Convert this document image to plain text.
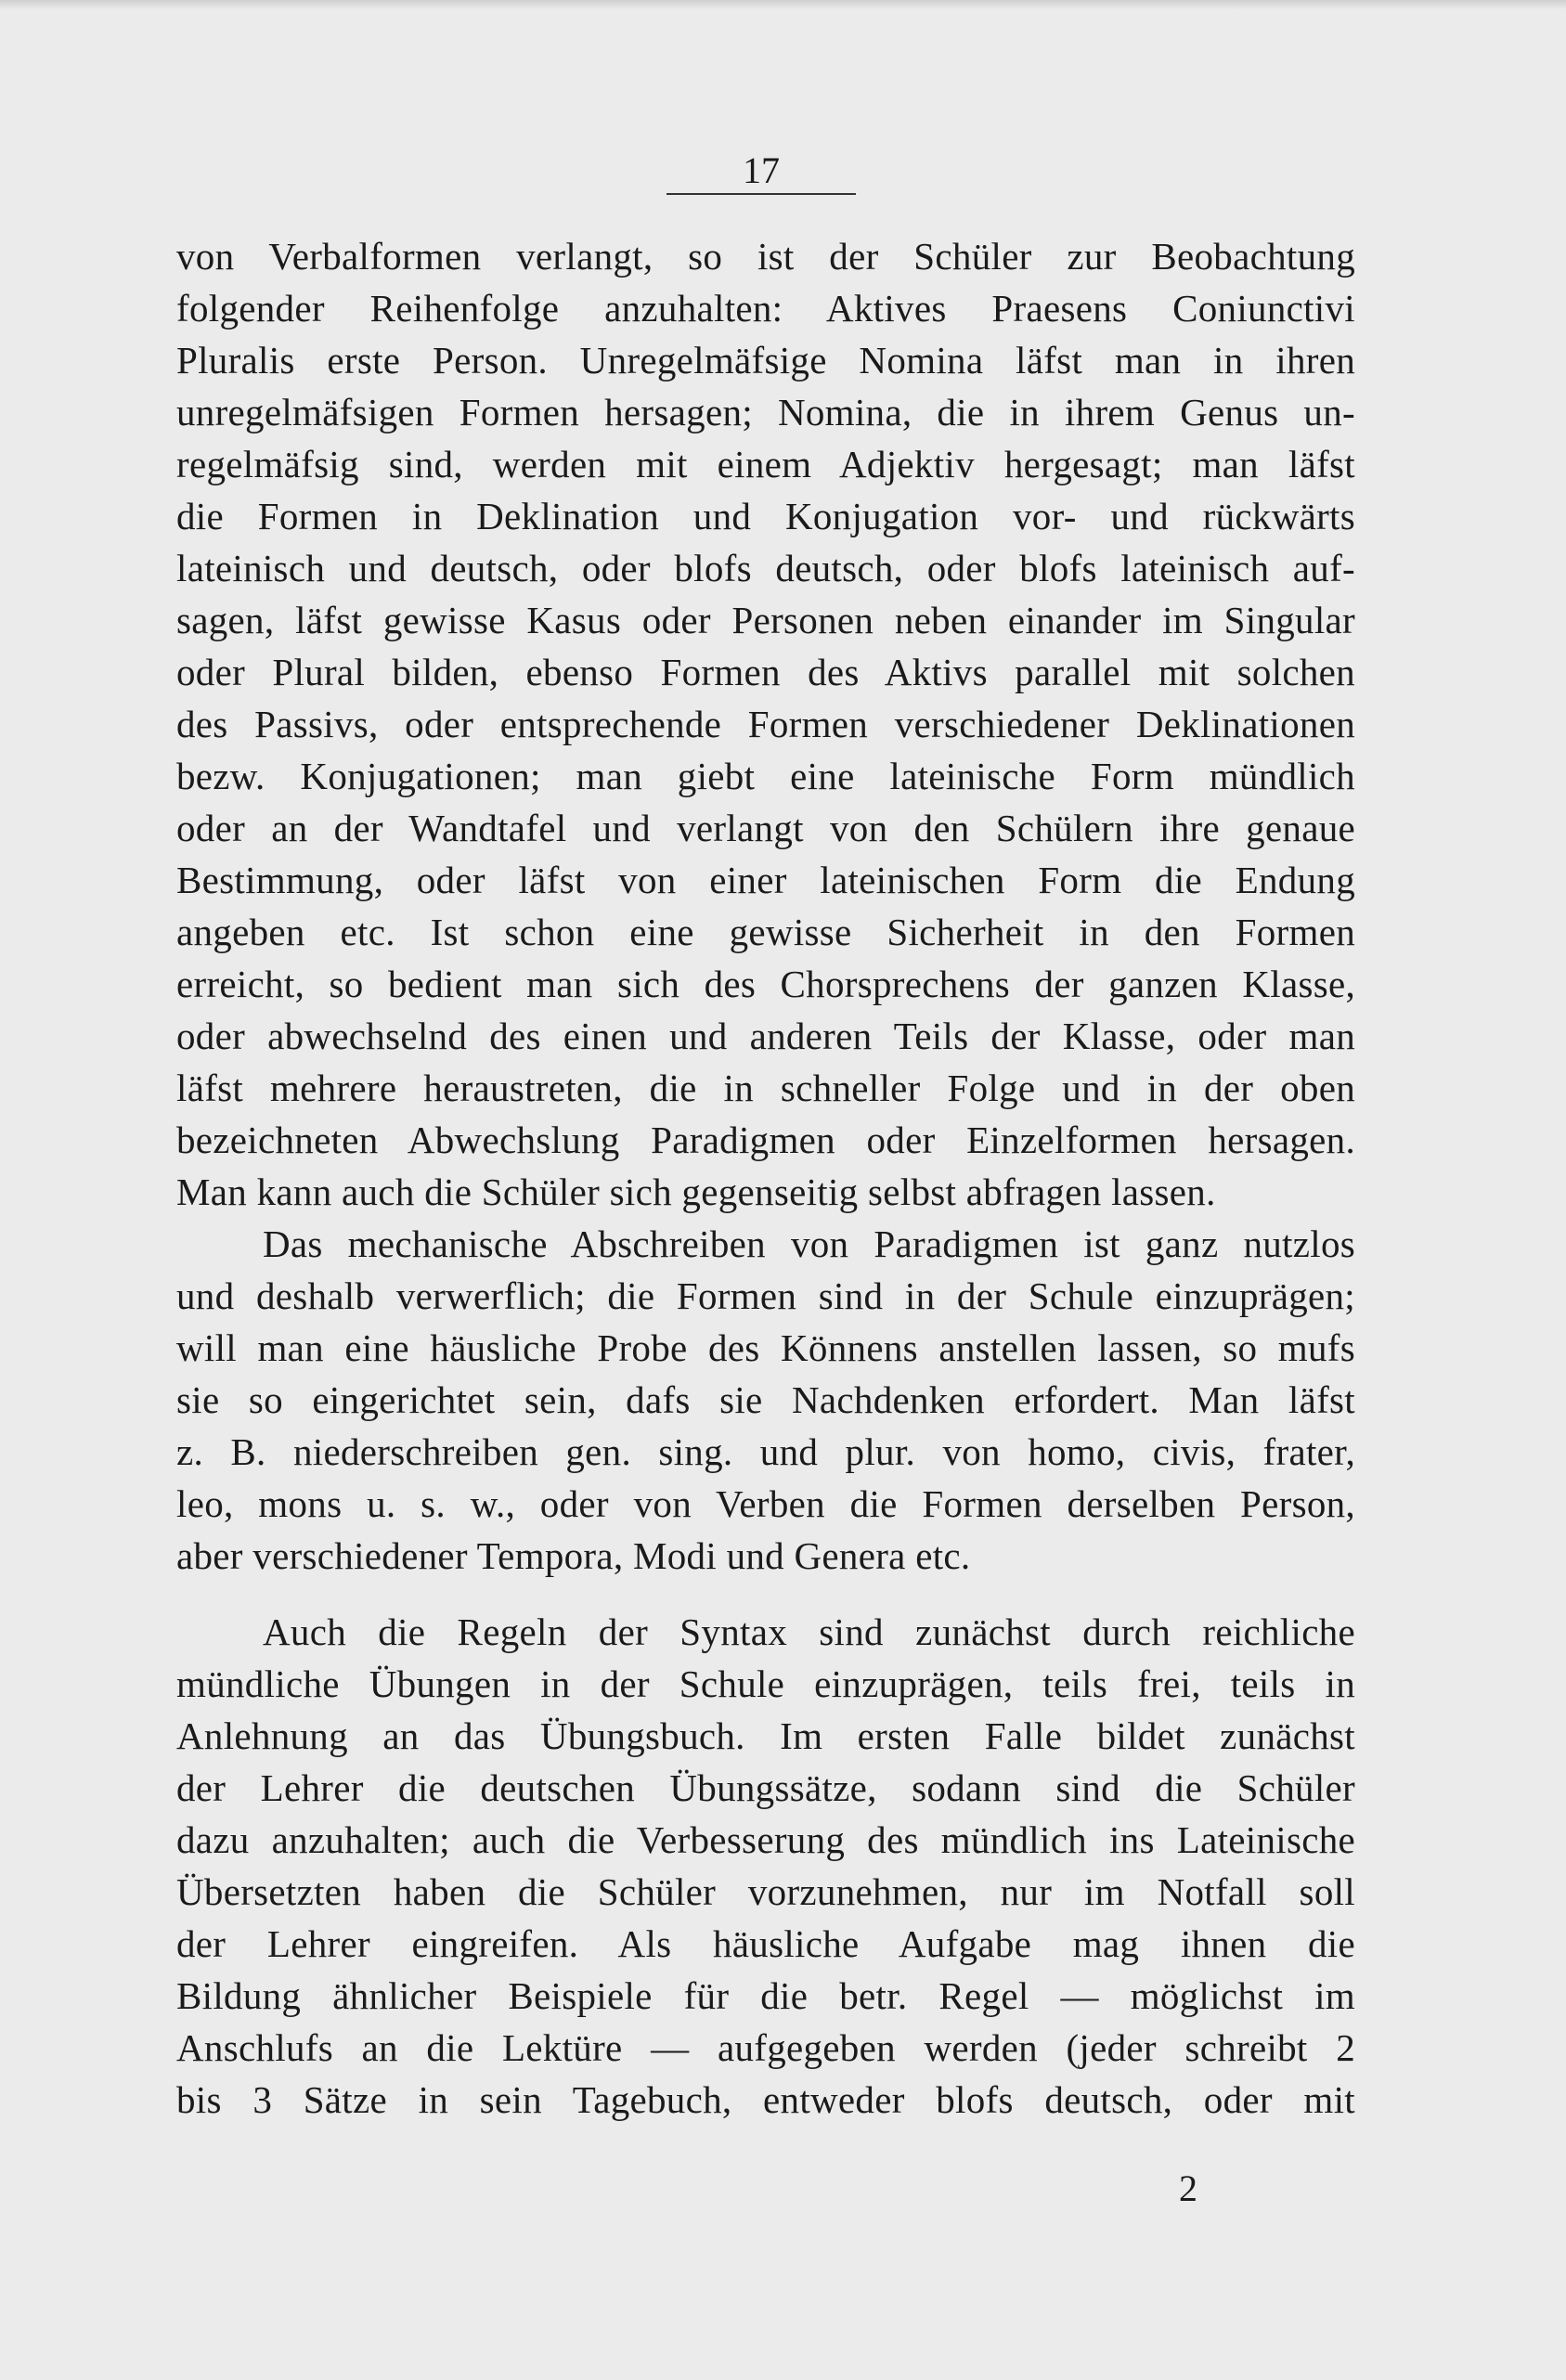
17
von Verbalformen verlangt, so ist der Schüler zur Beobachtung
folgender Reihenfolge anzuhalten: Aktives Praesens Coniunctivi
Pluralis erste Person. Unregelmäfsige Nomina läfst man in ihren
unregelmäfsigen Formen hersagen; Nomina, die in ihrem Genus un-
regelmäfsig sind, werden mit einem Adjektiv hergesagt; man läfst
die Formen in Deklination und Konjugation vor- und rückwärts
lateinisch und deutsch, oder blofs deutsch, oder blofs lateinisch auf-
sagen, läfst gewisse Kasus oder Personen neben einander im Singular
oder Plural bilden, ebenso Formen des Aktivs parallel mit solchen
des Passivs, oder entsprechende Formen verschiedener Deklinationen
bezw. Konjugationen; man giebt eine lateinische Form mündlich
oder an der Wandtafel und verlangt von den Schülern ihre genaue
Bestimmung, oder läfst von einer lateinischen Form die Endung
angeben etc. Ist schon eine gewisse Sicherheit in den Formen
erreicht, so bedient man sich des Chorsprechens der ganzen Klasse,
oder abwechselnd des einen und anderen Teils der Klasse, oder man
läfst mehrere heraustreten, die in schneller Folge und in der oben
bezeichneten Abwechslung Paradigmen oder Einzelformen hersagen.
Man kann auch die Schüler sich gegenseitig selbst abfragen lassen.
Das mechanische Abschreiben von Paradigmen ist ganz nutzlos
und deshalb verwerflich; die Formen sind in der Schule einzuprägen;
will man eine häusliche Probe des Könnens anstellen lassen, so mufs
sie so eingerichtet sein, dafs sie Nachdenken erfordert. Man läfst
z. B. niederschreiben gen. sing. und plur. von homo, civis, frater,
leo, mons u. s. w., oder von Verben die Formen derselben Person,
aber verschiedener Tempora, Modi und Genera etc.
Auch die Regeln der Syntax sind zunächst durch reichliche
mündliche Übungen in der Schule einzuprägen, teils frei, teils in
Anlehnung an das Übungsbuch. Im ersten Falle bildet zunächst
der Lehrer die deutschen Übungssätze, sodann sind die Schüler
dazu anzuhalten; auch die Verbesserung des mündlich ins Lateinische
Übersetzten haben die Schüler vorzunehmen, nur im Notfall soll
der Lehrer eingreifen. Als häusliche Aufgabe mag ihnen die
Bildung ähnlicher Beispiele für die betr. Regel — möglichst im
Anschlufs an die Lektüre — aufgegeben werden (jeder schreibt 2
bis 3 Sätze in sein Tagebuch, entweder blofs deutsch, oder mit
2
